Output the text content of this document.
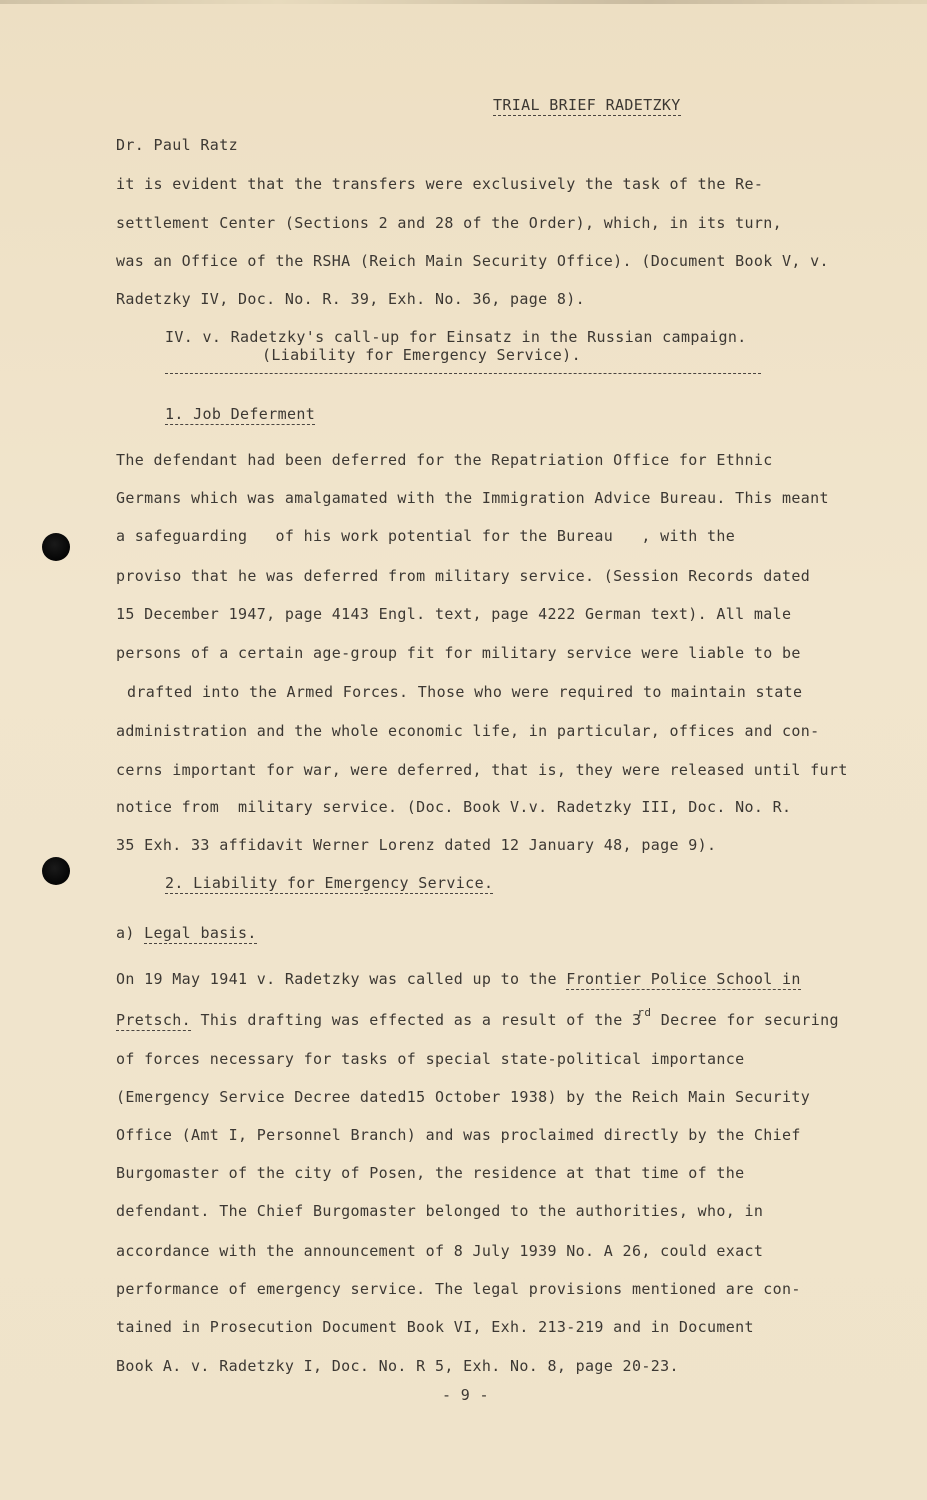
TRIAL BRIEF RADETZKY
Dr. Paul Ratz
it is evident that the transfers were exclusively the task of the Re-
settlement Center (Sections 2 and 28 of the Order), which, in its turn,
was an Office of the RSHA (Reich Main Security Office). (Document Book V, v.
Radetzky IV, Doc. No. R. 39, Exh. No. 36, page 8).
IV. v. Radetzky's call-up for Einsatz in the Russian campaign.
(Liability for Emergency Service).
1. Job Deferment
The defendant had been deferred for the Repatriation Office for Ethnic
Germans which was amalgamated with the Immigration Advice Bureau. This meant
a safeguarding   of his work potential for the Bureau   , with the
proviso that he was deferred from military service. (Session Records dated
15 December 1947, page 4143 Engl. text, page 4222 German text). All male
persons of a certain age-group fit for military service were liable to be
drafted into the Armed Forces. Those who were required to maintain state
administration and the whole economic life, in particular, offices and con-
cerns important for war, were deferred, that is, they were released until furt
notice from  military service. (Doc. Book V.v. Radetzky III, Doc. No. R.
35 Exh. 33 affidavit Werner Lorenz dated 12 January 48, page 9).
2. Liability for Emergency Service.
a) Legal basis.
On 19 May 1941 v. Radetzky was called up to the Frontier Police School in
Pretsch. This drafting was effected as a result of the 3rd Decree for securing
of forces necessary for tasks of special state-political importance
(Emergency Service Decree dated15 October 1938) by the Reich Main Security
Office (Amt I, Personnel Branch) and was proclaimed directly by the Chief
Burgomaster of the city of Posen, the residence at that time of the
defendant. The Chief Burgomaster belonged to the authorities, who, in
accordance with the announcement of 8 July 1939 No. A 26, could exact
performance of emergency service. The legal provisions mentioned are con-
tained in Prosecution Document Book VI, Exh. 213-219 and in Document
Book A. v. Radetzky I, Doc. No. R 5, Exh. No. 8, page 20-23.
- 9 -
